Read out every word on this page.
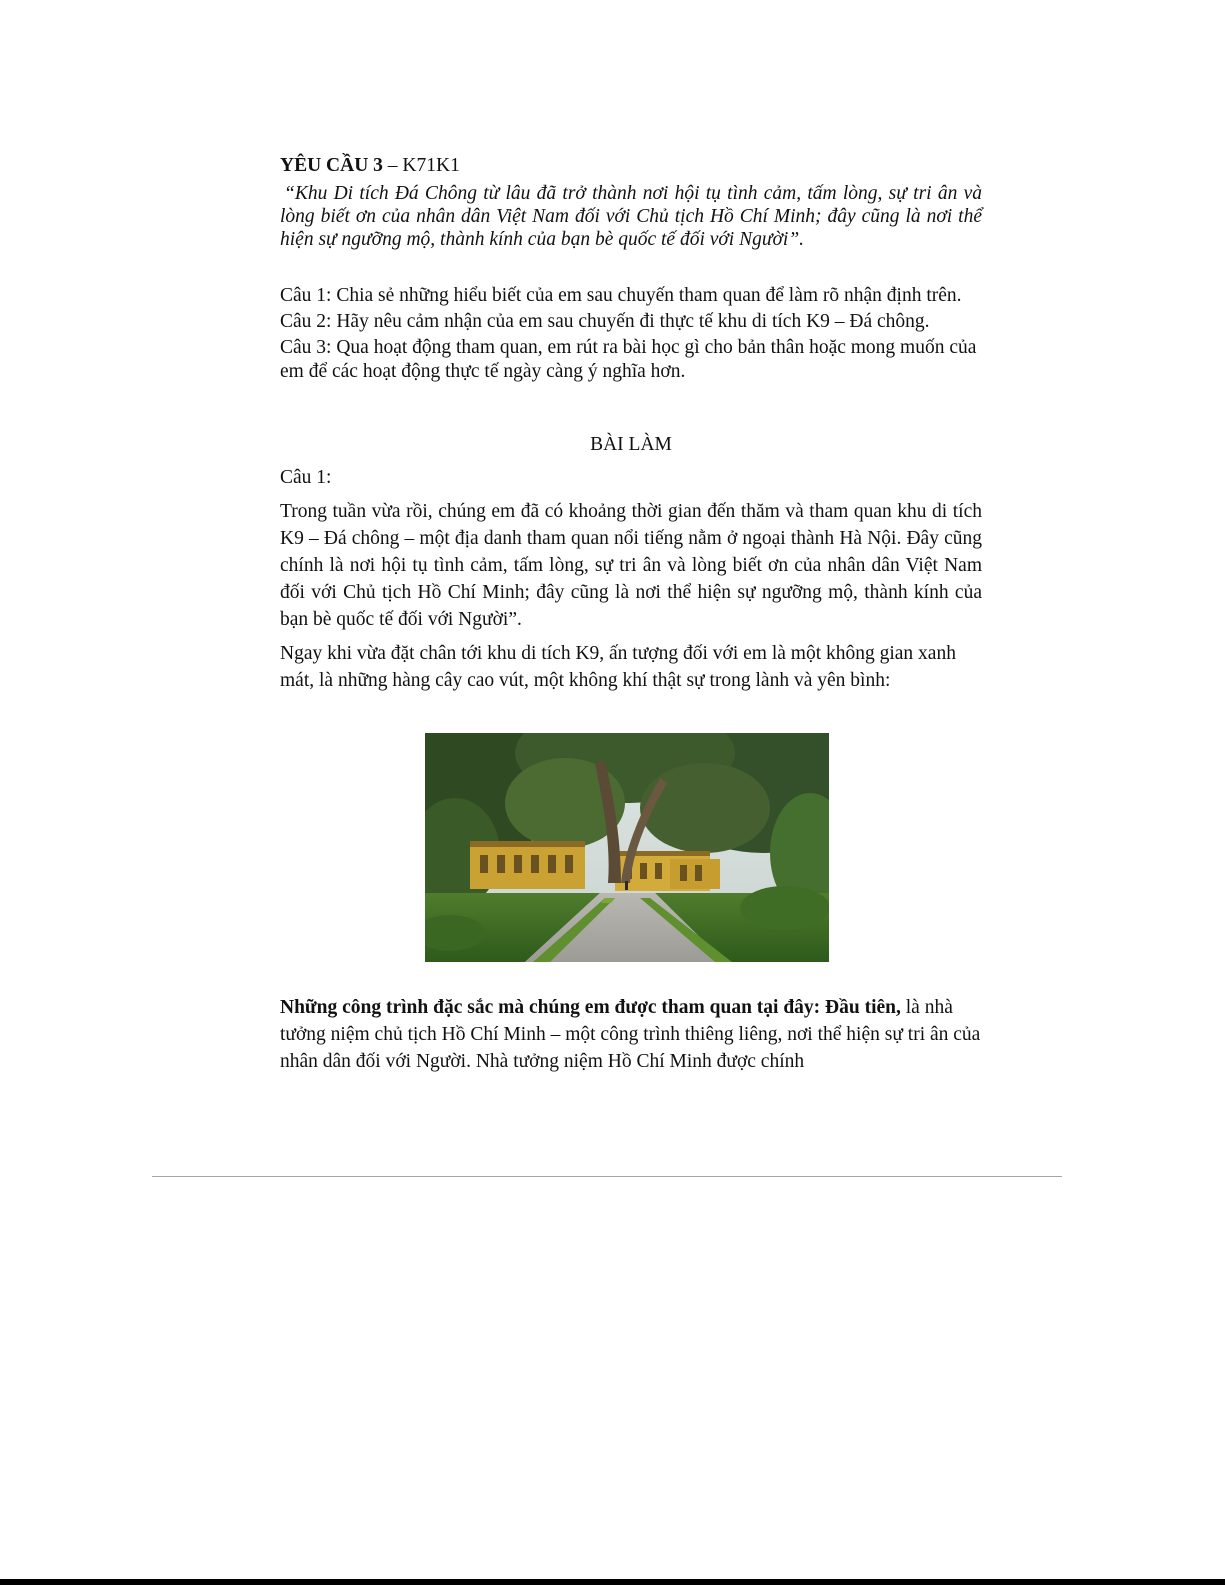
YÊU CẦU 3 – K71K1
“Khu Di tích Đá Chông từ lâu đã trở thành nơi hội tụ tình cảm, tấm lòng, sự tri ân và lòng biết ơn của nhân dân Việt Nam đối với Chủ tịch Hồ Chí Minh; đây cũng là nơi thể hiện sự ngưỡng mộ, thành kính của bạn bè quốc tế đối với Người”.

Câu 1: Chia sẻ những hiểu biết của em sau chuyến tham quan để làm rõ nhận định trên.

Câu 2: Hãy nêu cảm nhận của em sau chuyến đi thực tế khu di tích K9 – Đá chông.

Câu 3: Qua hoạt động tham quan, em rút ra bài học gì cho bản thân hoặc mong muốn của em để các hoạt động thực tế ngày càng ý nghĩa hơn.

BÀI LÀM
Câu 1:
Trong tuần vừa rồi, chúng em đã có khoảng thời gian đến thăm và tham quan khu di tích K9 – Đá chông – một địa danh tham quan nổi tiếng nằm ở ngoại thành Hà Nội. Đây cũng chính là nơi hội tụ tình cảm, tấm lòng, sự tri ân và lòng biết ơn của nhân dân Việt Nam đối với Chủ tịch Hồ Chí Minh; đây cũng là nơi thể hiện sự ngưỡng mộ, thành kính của bạn bè quốc tế đối với Người”.
Ngay khi vừa đặt chân tới khu di tích K9, ấn tượng đối với em là một không gian xanh mát, là những hàng cây cao vút, một không khí thật sự trong lành và yên bình:
Những công trình đặc sắc mà chúng em được tham quan tại đây: Đầu tiên, là nhà tưởng niệm chủ tịch Hồ Chí Minh – một công trình thiêng liêng, nơi thể hiện sự tri ân của nhân dân đối với Người. Nhà tưởng niệm Hồ Chí Minh được chính
